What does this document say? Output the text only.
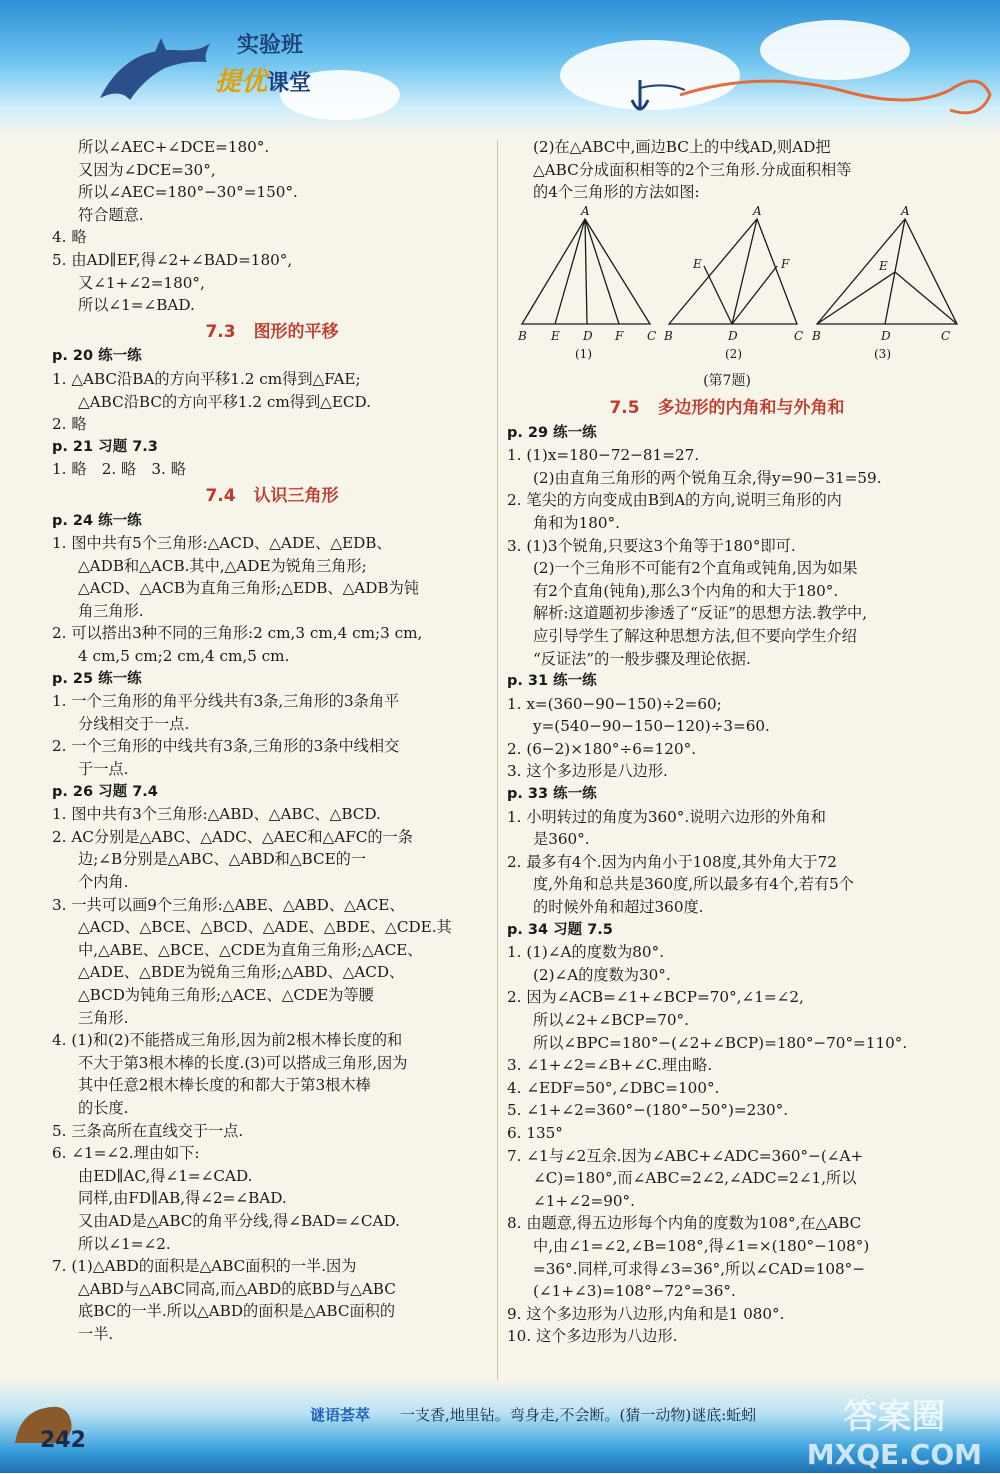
实验班
提优课堂
所以∠AEC+∠DCE=180°.
又因为∠DCE=30°,
所以∠AEC=180°−30°=150°.
符合题意.
4. 略
5. 由AD∥EF,得∠2+∠BAD=180°,
又∠1+∠2=180°,
所以∠1=∠BAD.
7.3 图形的平移
p. 20 练一练
1. △ABC沿BA的方向平移1.2 cm得到△FAE;
△ABC沿BC的方向平移1.2 cm得到△ECD.
2. 略
p. 21 习题 7.3
1. 略　2. 略　3. 略
7.4 认识三角形
p. 24 练一练
1. 图中共有5个三角形:△ACD、△ADE、△EDB、
△ADB和△ACB.其中,△ADE为锐角三角形;
△ACD、△ACB为直角三角形;△EDB、△ADB为钝
角三角形.
2. 可以搭出3种不同的三角形:2 cm,3 cm,4 cm;3 cm,
4 cm,5 cm;2 cm,4 cm,5 cm.
p. 25 练一练
1. 一个三角形的角平分线共有3条,三角形的3条角平
分线相交于一点.
2. 一个三角形的中线共有3条,三角形的3条中线相交
于一点.
p. 26 习题 7.4
1. 图中共有3个三角形:△ABD、△ABC、△BCD.
2. AC分别是△ABC、△ADC、△AEC和△AFC的一条
边;∠B分别是△ABC、△ABD和△BCE的一
个内角.
3. 一共可以画9个三角形:△ABE、△ABD、△ACE、
△ACD、△BCE、△BCD、△ADE、△BDE、△CDE.其
中,△ABE、△BCE、△CDE为直角三角形;△ACE、
△ADE、△BDE为锐角三角形;△ABD、△ACD、
△BCD为钝角三角形;△ACE、△CDE为等腰
三角形.
4. (1)和(2)不能搭成三角形,因为前2根木棒长度的和
不大于第3根木棒的长度.(3)可以搭成三角形,因为
其中任意2根木棒长度的和都大于第3根木棒
的长度.
5. 三条高所在直线交于一点.
6. ∠1=∠2.理由如下:
由ED∥AC,得∠1=∠CAD.
同样,由FD∥AB,得∠2=∠BAD.
又由AD是△ABC的角平分线,得∠BAD=∠CAD.
所以∠1=∠2.
7. (1)△ABD的面积是△ABC面积的一半.因为
△ABD与△ABC同高,而△ABD的底BD与△ABC
底BC的一半.所以△ABD的面积是△ABC面积的
一半.
(2)在△ABC中,画边BC上的中线AD,则AD把
△ABC分成面积相等的2个三角形.分成面积相等
的4个三角形的方法如图:
A
B E D F C
A
E	F
B	D	C
A
E
B	D	C
(1)	(2)	(3)
(第7题)
7.5 多边形的内角和与外角和
p. 29 练一练
1. (1)x=180−72−81=27.
(2)由直角三角形的两个锐角互余,得y=90−31=59.
2. 笔尖的方向变成由B到A的方向,说明三角形的内
角和为180°.
3. (1)3个锐角,只要这3个角等于180°即可.
(2)一个三角形不可能有2个直角或钝角,因为如果
有2个直角(钝角),那么3个内角的和大于180°.
解析:这道题初步渗透了“反证”的思想方法.教学中,
应引导学生了解这种思想方法,但不要向学生介绍
“反证法”的一般步骤及理论依据.
p. 31 练一练
1. x=(360−90−150)÷2=60;
y=(540−90−150−120)÷3=60.
2. (6−2)×180°÷6=120°.
3. 这个多边形是八边形.
p. 33 练一练
1. 小明转过的角度为360°.说明六边形的外角和
是360°.
2. 最多有4个.因为内角小于108度,其外角大于72
度,外角和总共是360度,所以最多有4个,若有5个
的时候外角和超过360度.
p. 34 习题 7.5
1. (1)∠A的度数为80°.
(2)∠A的度数为30°.
2. 因为∠ACB=∠1+∠BCP=70°,∠1=∠2,
所以∠2+∠BCP=70°.
所以∠BPC=180°−(∠2+∠BCP)=180°−70°=110°.
3. ∠1+∠2=∠B+∠C.理由略.
4. ∠EDF=50°,∠DBC=100°.
5. ∠1+∠2=360°−(180°−50°)=230°.
6. 135°
7. ∠1与∠2互余.因为∠ABC+∠ADC=360°−(∠A+
∠C)=180°,而∠ABC=2∠2,∠ADC=2∠1,所以
∠1+∠2=90°.
8. 由题意,得五边形每个内角的度数为108°,在△ABC
中,由∠1=∠2,∠B=108°,得∠1=×(180°−108°)
=36°.同样,可求得∠3=36°,所以∠CAD=108°−
(∠1+∠3)=108°−72°=36°.
9. 这个多边形为八边形,内角和是1 080°.
10. 这个多边形为八边形.
242
谜语荟萃 一支香,地里钻。弯身走,不会断。(猜一动物)谜底:蚯蚓	答案圈
MXQE.COM
